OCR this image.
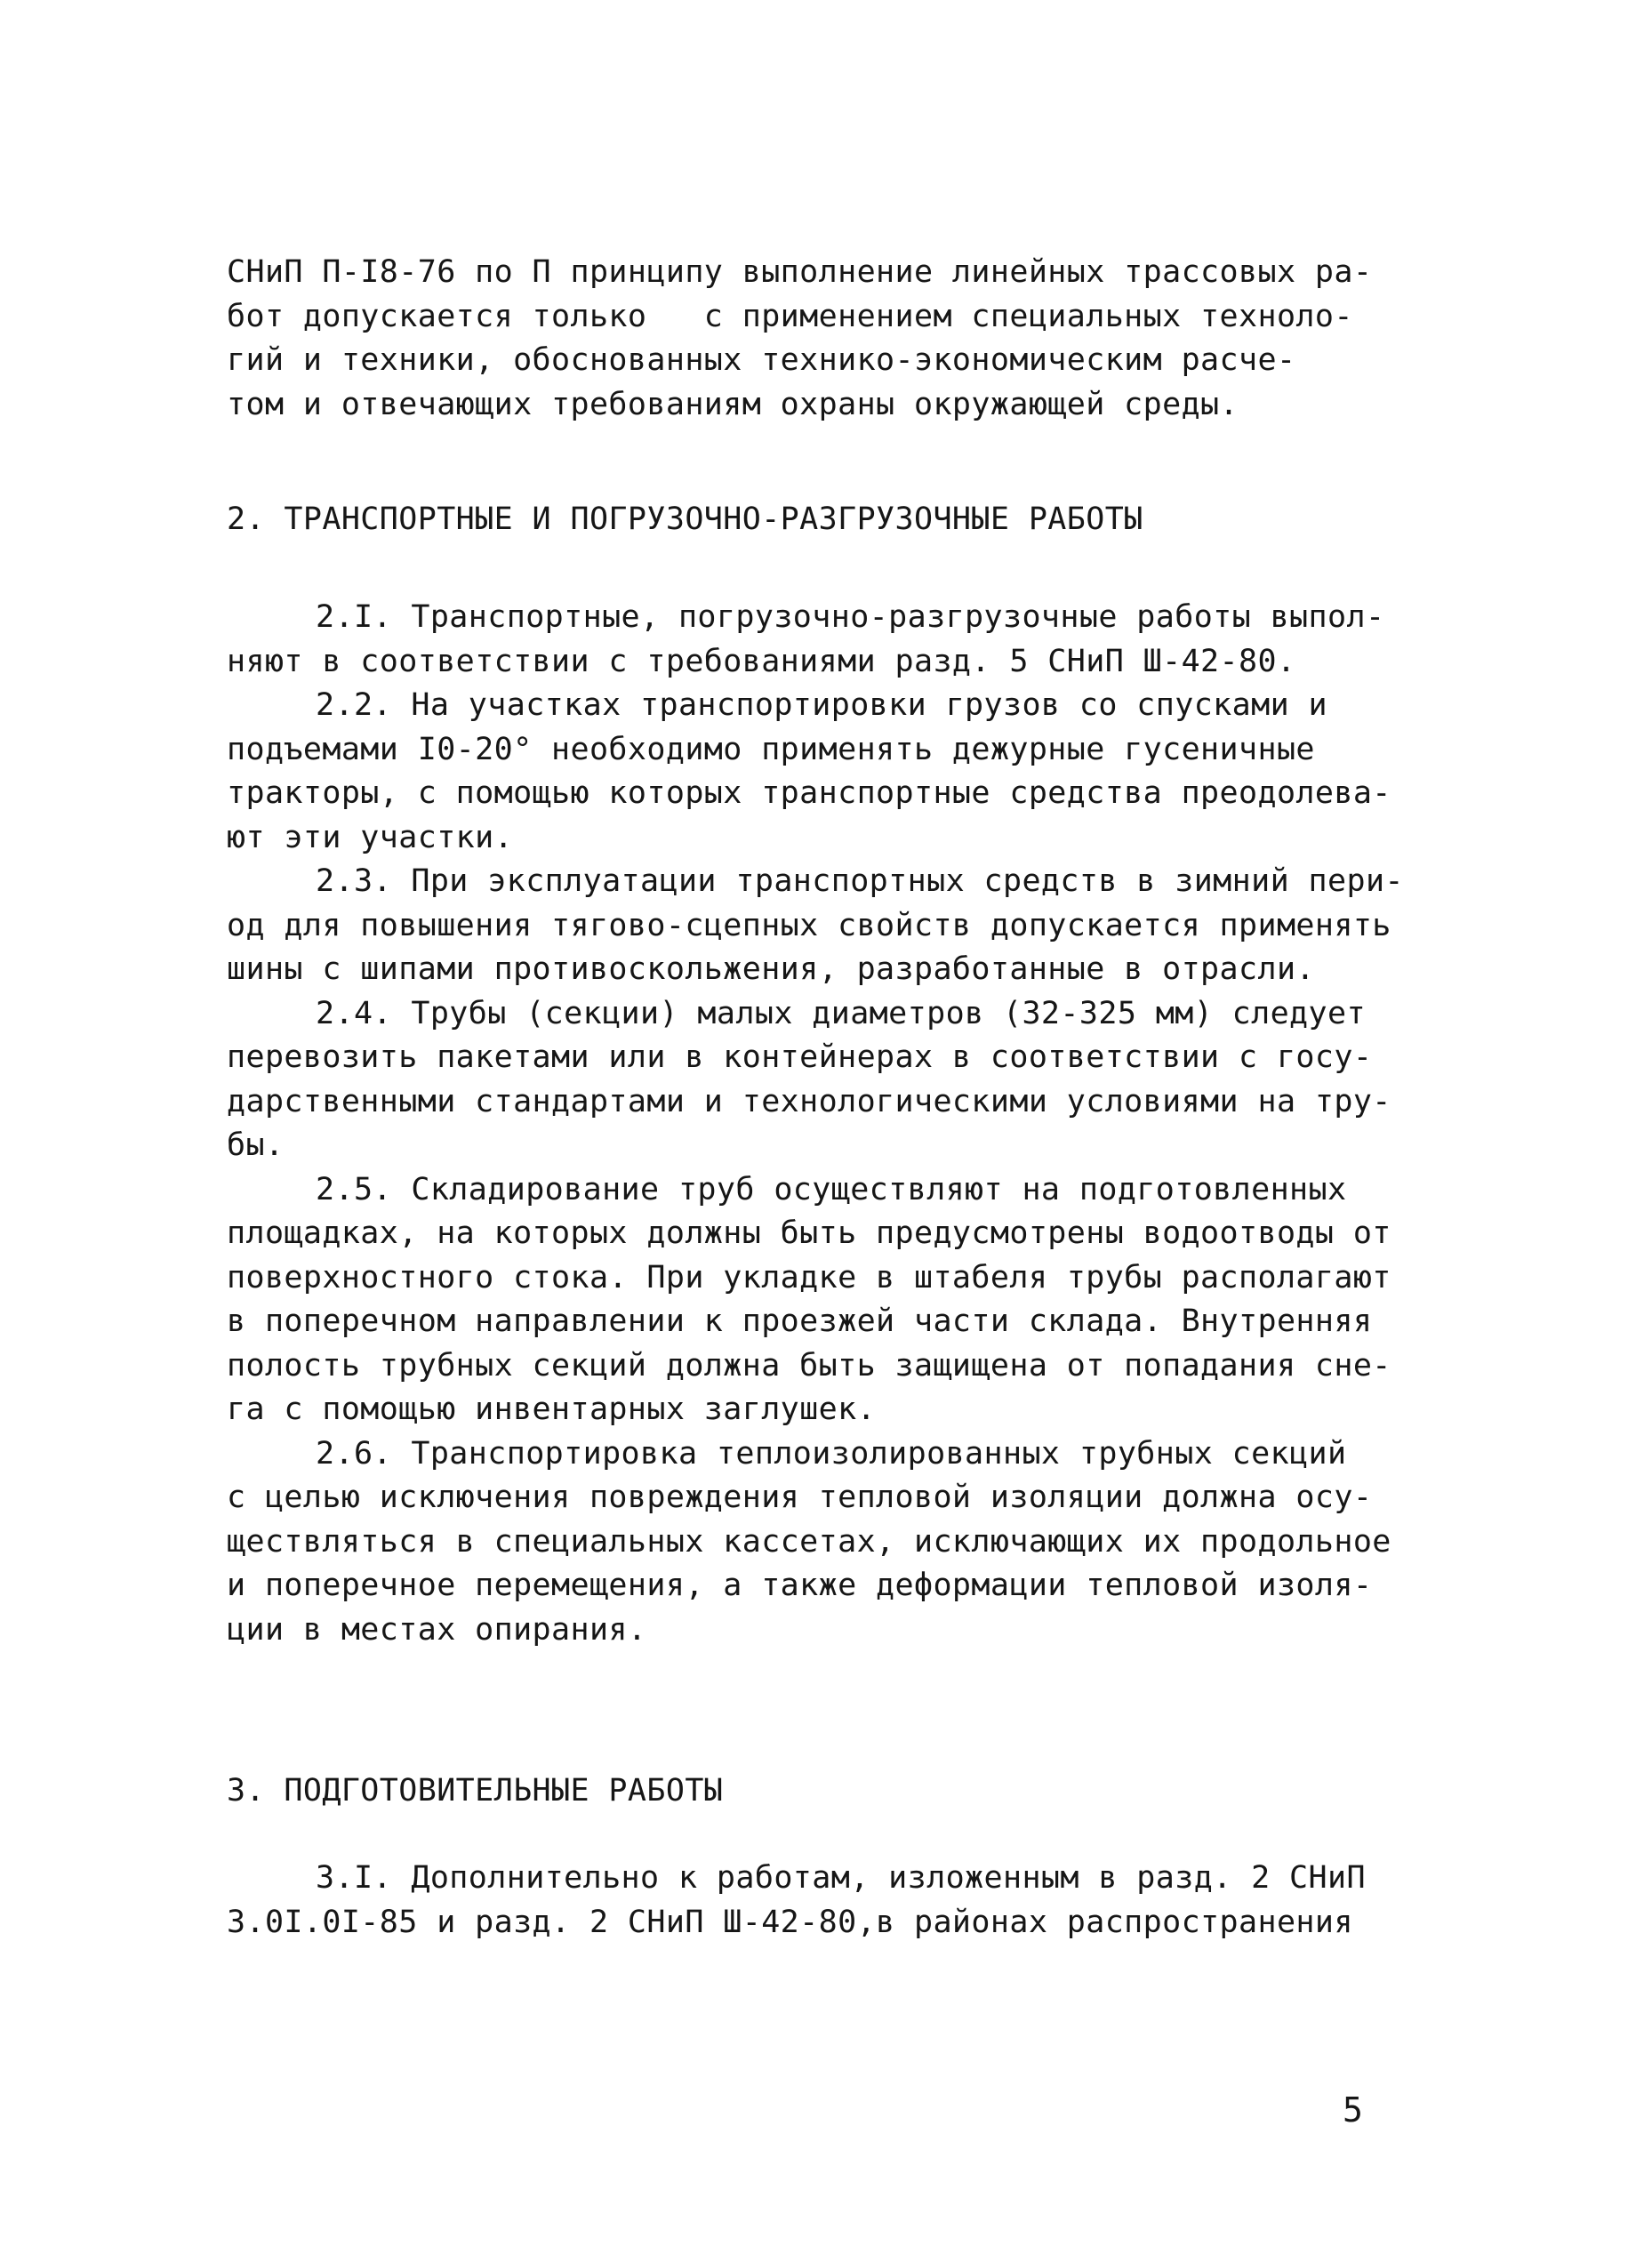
СНиП П-I8-76 по П принципу выполнение линейных трассовых ра-
бот допускается только   с применением специальных техноло-
гий и техники, обоснованных технико-экономическим расче-
том и отвечающих требованиям охраны окружающей среды.
2. ТРАНСПОРТНЫЕ И ПОГРУЗОЧНО-РАЗГРУЗОЧНЫЕ РАБОТЫ
2.I. Транспортные, погрузочно-разгрузочные работы выпол-
няют в соответствии с требованиями разд. 5 СНиП Ш-42-80.
2.2. На участках транспортировки грузов со спусками и
подъемами I0-20° необходимо применять дежурные гусеничные
тракторы, с помощью которых транспортные средства преодолева-
ют эти участки.
2.3. При эксплуатации транспортных средств в зимний пери-
од для повышения тягово-сцепных свойств допускается применять
шины с шипами противоскольжения, разработанные в отрасли.
2.4. Трубы (секции) малых диаметров (32-325 мм) следует
перевозить пакетами или в контейнерах в соответствии с госу-
дарственными стандартами и технологическими условиями на тру-
бы.
2.5. Складирование труб осуществляют на подготовленных
площадках, на которых должны быть предусмотрены водоотводы от
поверхностного стока. При укладке в штабеля трубы располагают
в поперечном направлении к проезжей части склада. Внутренняя
полость трубных секций должна быть защищена от попадания сне-
га с помощью инвентарных заглушек.
2.6. Транспортировка теплоизолированных трубных секций
с целью исключения повреждения тепловой изоляции должна осу-
ществляться в специальных кассетах, исключающих их продольное
и поперечное перемещения, а также деформации тепловой изоля-
ции в местах опирания.
3. ПОДГОТОВИТЕЛЬНЫЕ РАБОТЫ
3.I. Дополнительно к работам, изложенным в разд. 2 СНиП
3.0I.0I-85 и разд. 2 СНиП Ш-42-80,в районах распространения
5
